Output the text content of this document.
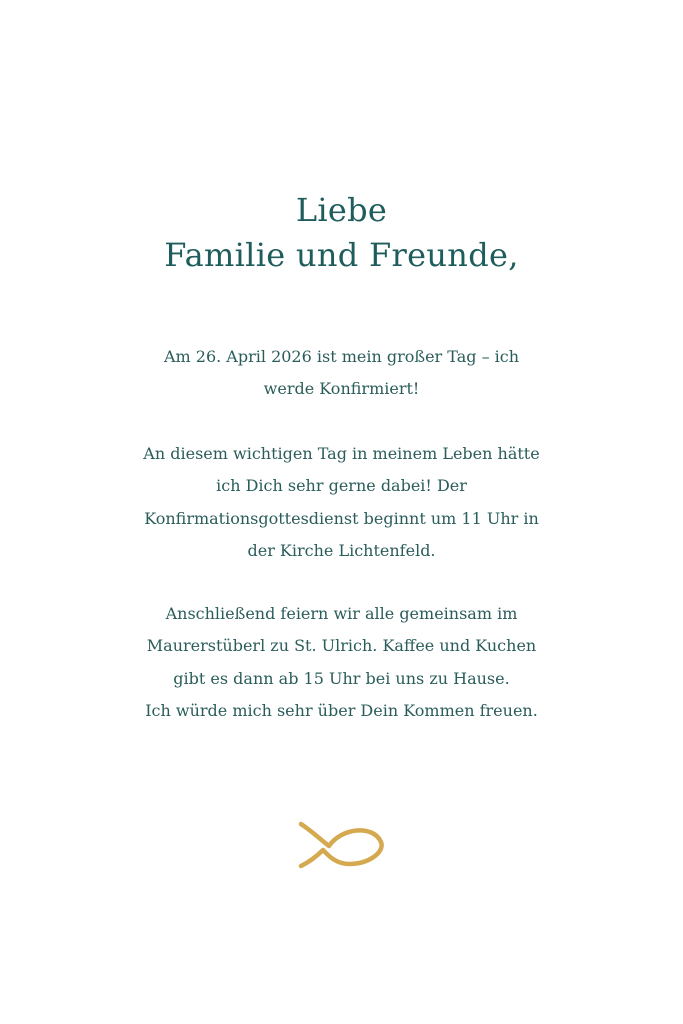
Liebe
Familie und Freunde,
Am 26. April 2026 ist mein großer Tag – ich
werde Konfirmiert!
An diesem wichtigen Tag in meinem Leben hätte
ich Dich sehr gerne dabei! Der
Konfirmationsgottesdienst beginnt um 11 Uhr in
der Kirche Lichtenfeld.
Anschließend feiern wir alle gemeinsam im
Maurerstüberl zu St. Ulrich. Kaffee und Kuchen
gibt es dann ab 15 Uhr bei uns zu Hause.
Ich würde mich sehr über Dein Kommen freuen.
